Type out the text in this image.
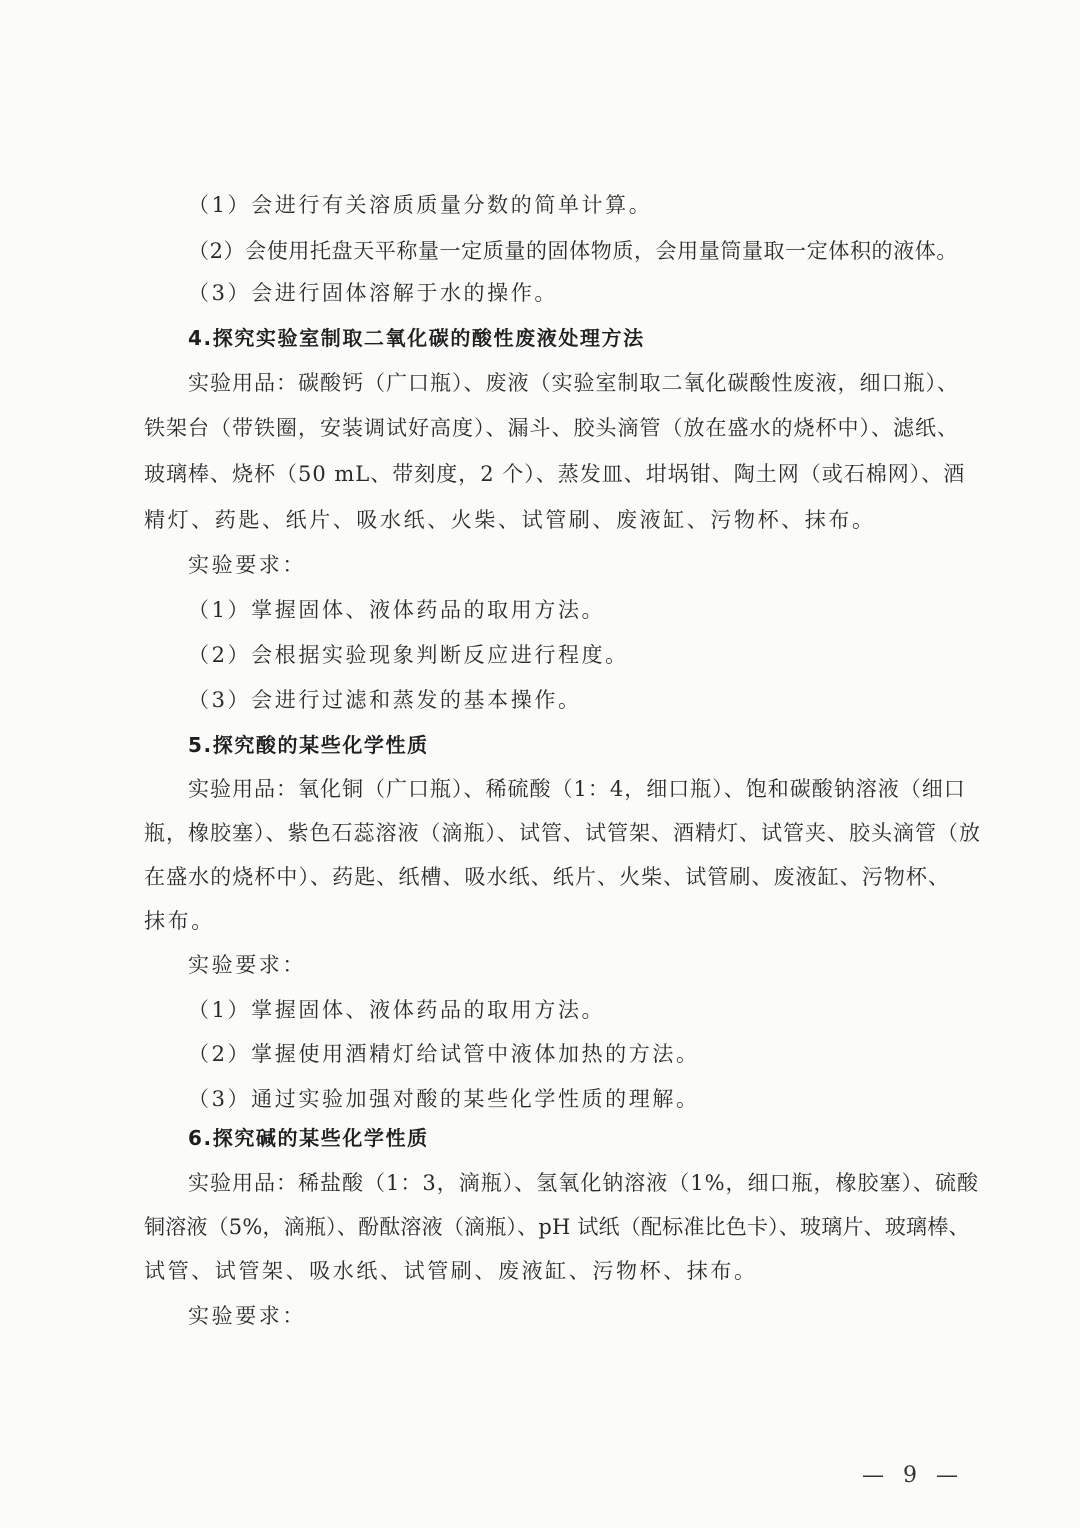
（1）会进行有关溶质质量分数的简单计算。

（2）会使用托盘天平称量一定质量的固体物质，会用量筒量取一定体积的液体。

（3）会进行固体溶解于水的操作。

4.探究实验室制取二氧化碳的酸性废液处理方法

实验用品：碳酸钙（广口瓶）、废液（实验室制取二氧化碳酸性废液，细口瓶）、

铁架台（带铁圈，安装调试好高度）、漏斗、胶头滴管（放在盛水的烧杯中）、滤纸、

玻璃棒、烧杯（50 mL、带刻度，2 个）、蒸发皿、坩埚钳、陶土网（或石棉网）、酒

精灯、药匙、纸片、吸水纸、火柴、试管刷、废液缸、污物杯、抹布。

实验要求：

（1）掌握固体、液体药品的取用方法。

（2）会根据实验现象判断反应进行程度。

（3）会进行过滤和蒸发的基本操作。

5.探究酸的某些化学性质

实验用品：氧化铜（广口瓶）、稀硫酸（1：4，细口瓶）、饱和碳酸钠溶液（细口

瓶，橡胶塞）、紫色石蕊溶液（滴瓶）、试管、试管架、酒精灯、试管夹、胶头滴管（放

在盛水的烧杯中）、药匙、纸槽、吸水纸、纸片、火柴、试管刷、废液缸、污物杯、

抹布。

实验要求：

（1）掌握固体、液体药品的取用方法。

（2）掌握使用酒精灯给试管中液体加热的方法。

（3）通过实验加强对酸的某些化学性质的理解。

6.探究碱的某些化学性质

实验用品：稀盐酸（1：3，滴瓶）、氢氧化钠溶液（1%，细口瓶，橡胶塞）、硫酸

铜溶液（5%，滴瓶）、酚酞溶液（滴瓶）、pH 试纸（配标准比色卡）、玻璃片、玻璃棒、

试管、试管架、吸水纸、试管刷、废液缸、污物杯、抹布。

实验要求：

— 9 —
